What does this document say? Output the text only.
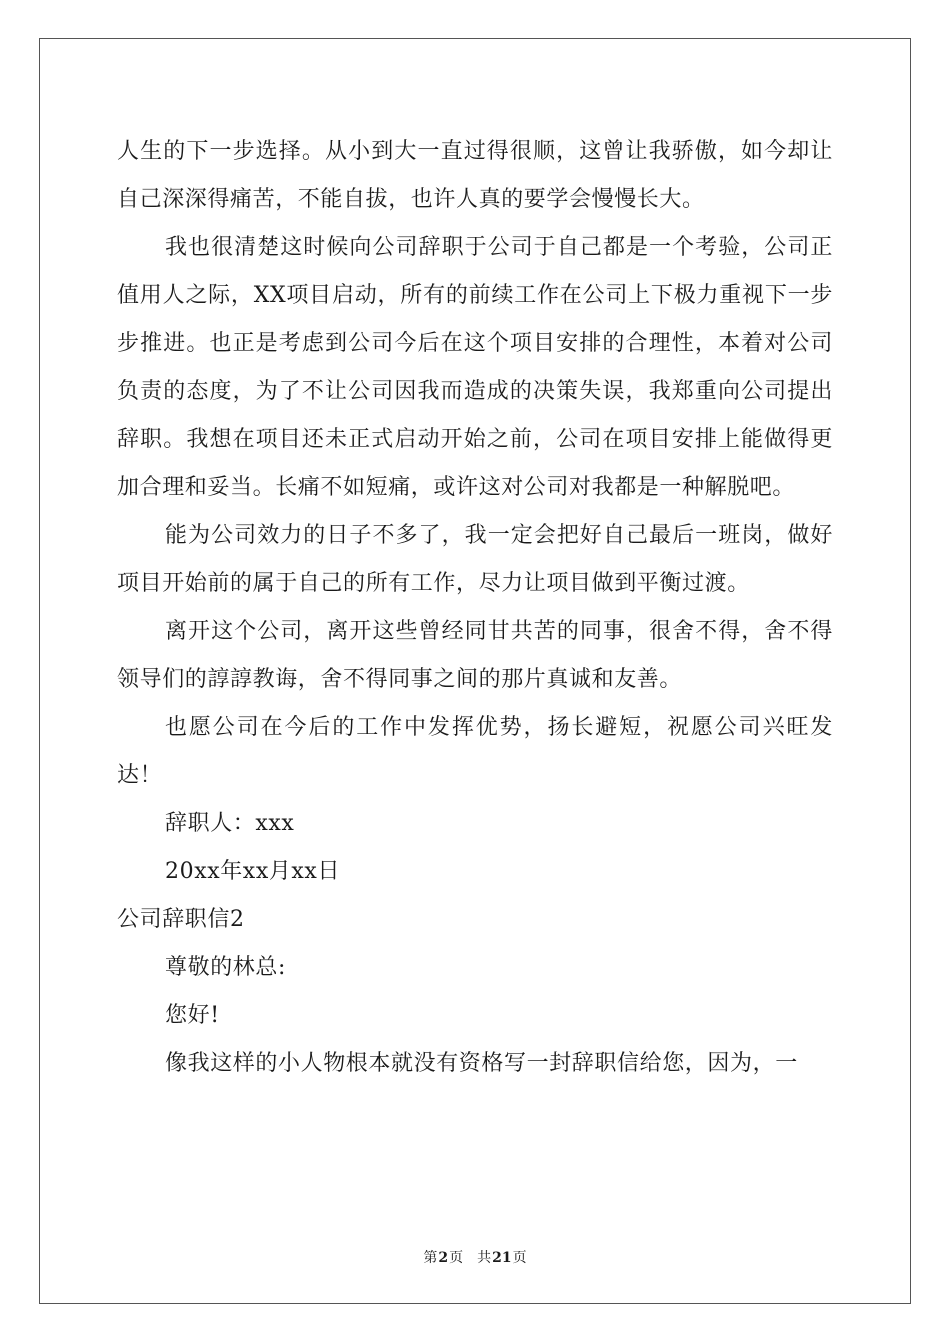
人生的下一步选择。从小到大一直过得很顺，这曾让我骄傲，如今却让自己深深得痛苦，不能自拔，也许人真的要学会慢慢长大。

我也很清楚这时候向公司辞职于公司于自己都是一个考验，公司正值用人之际，XX项目启动，所有的前续工作在公司上下极力重视下一步步推进。也正是考虑到公司今后在这个项目安排的合理性，本着对公司负责的态度，为了不让公司因我而造成的决策失误，我郑重向公司提出辞职。我想在项目还未正式启动开始之前，公司在项目安排上能做得更加合理和妥当。长痛不如短痛，或许这对公司对我都是一种解脱吧。

能为公司效力的日子不多了，我一定会把好自己最后一班岗，做好项目开始前的属于自己的所有工作，尽力让项目做到平衡过渡。

离开这个公司，离开这些曾经同甘共苦的同事，很舍不得，舍不得领导们的諄諄教诲，舍不得同事之间的那片真诚和友善。

也愿公司在今后的工作中发挥优势，扬长避短，祝愿公司兴旺发达！

辞职人：xxx

20xx年xx月xx日

公司辞职信2

尊敬的林总:

您好!

像我这样的小人物根本就没有资格写一封辞职信给您，因为，一

第2页 共21页
